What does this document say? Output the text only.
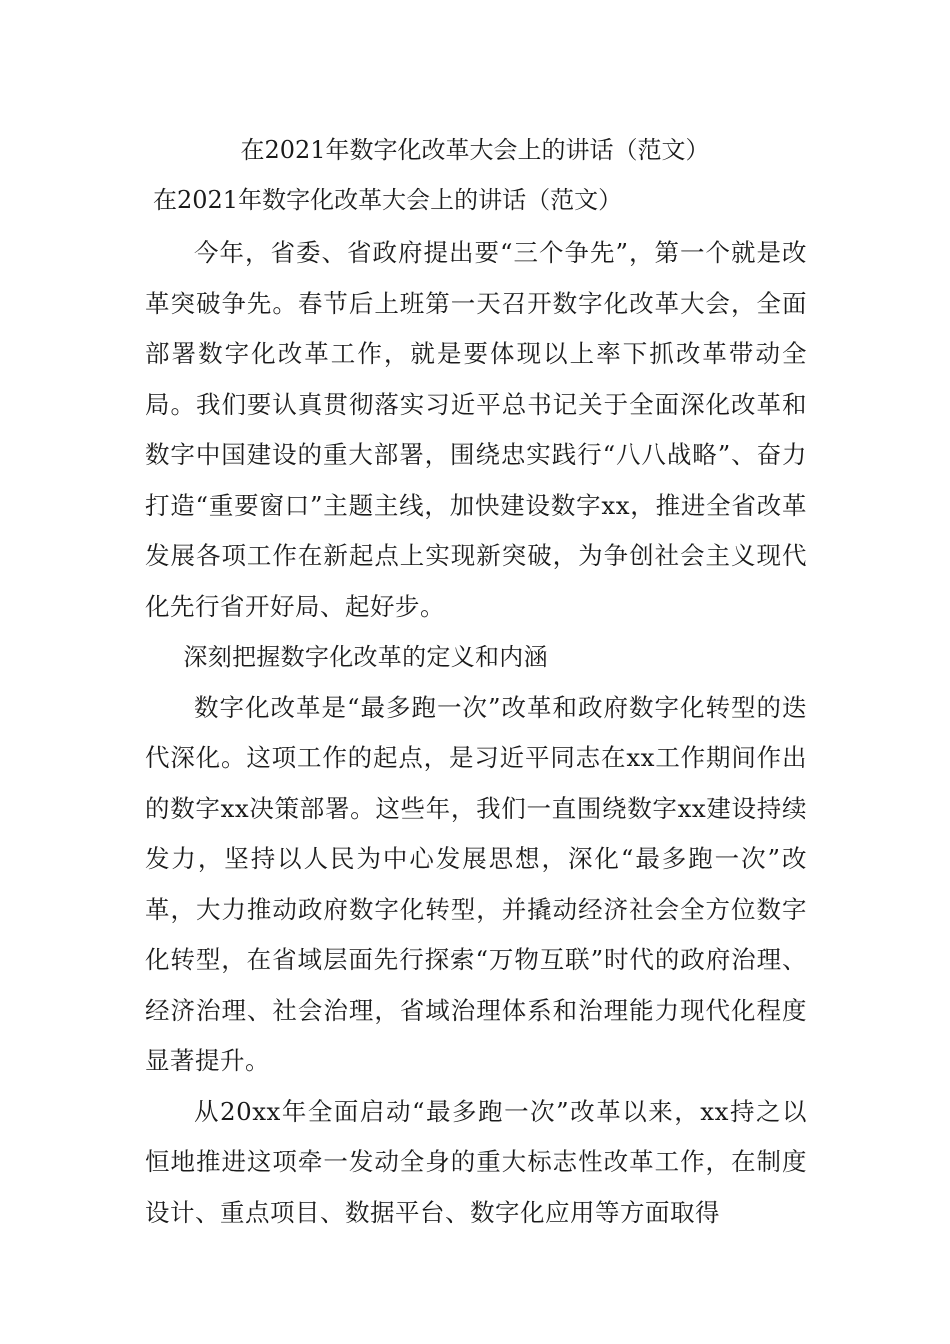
在2021年数字化改革大会上的讲话（范文）
在2021年数字化改革大会上的讲话（范文）

今年，省委、省政府提出要“三个争先”，第一个就是改革突破争先。春节后上班第一天召开数字化改革大会，全面部署数字化改革工作，就是要体现以上率下抓改革带动全局。我们要认真贯彻落实习近平总书记关于全面深化改革和数字中国建设的重大部署，围绕忠实践行“八八战略”、奋力打造“重要窗口”主题主线，加快建设数字xx，推进全省改革发展各项工作在新起点上实现新突破，为争创社会主义现代化先行省开好局、起好步。

深刻把握数字化改革的定义和内涵

数字化改革是“最多跑一次”改革和政府数字化转型的迭代深化。这项工作的起点，是习近平同志在xx工作期间作出的数字xx决策部署。这些年，我们一直围绕数字xx建设持续发力，坚持以人民为中心发展思想，深化“最多跑一次”改革，大力推动政府数字化转型，并撬动经济社会全方位数字化转型，在省域层面先行探索“万物互联”时代的政府治理、经济治理、社会治理，省域治理体系和治理能力现代化程度显著提升。

从20xx年全面启动“最多跑一次”改革以来，xx持之以恒地推进这项牵一发动全身的重大标志性改革工作，在制度设计、重点项目、数据平台、数字化应用等方面取得
